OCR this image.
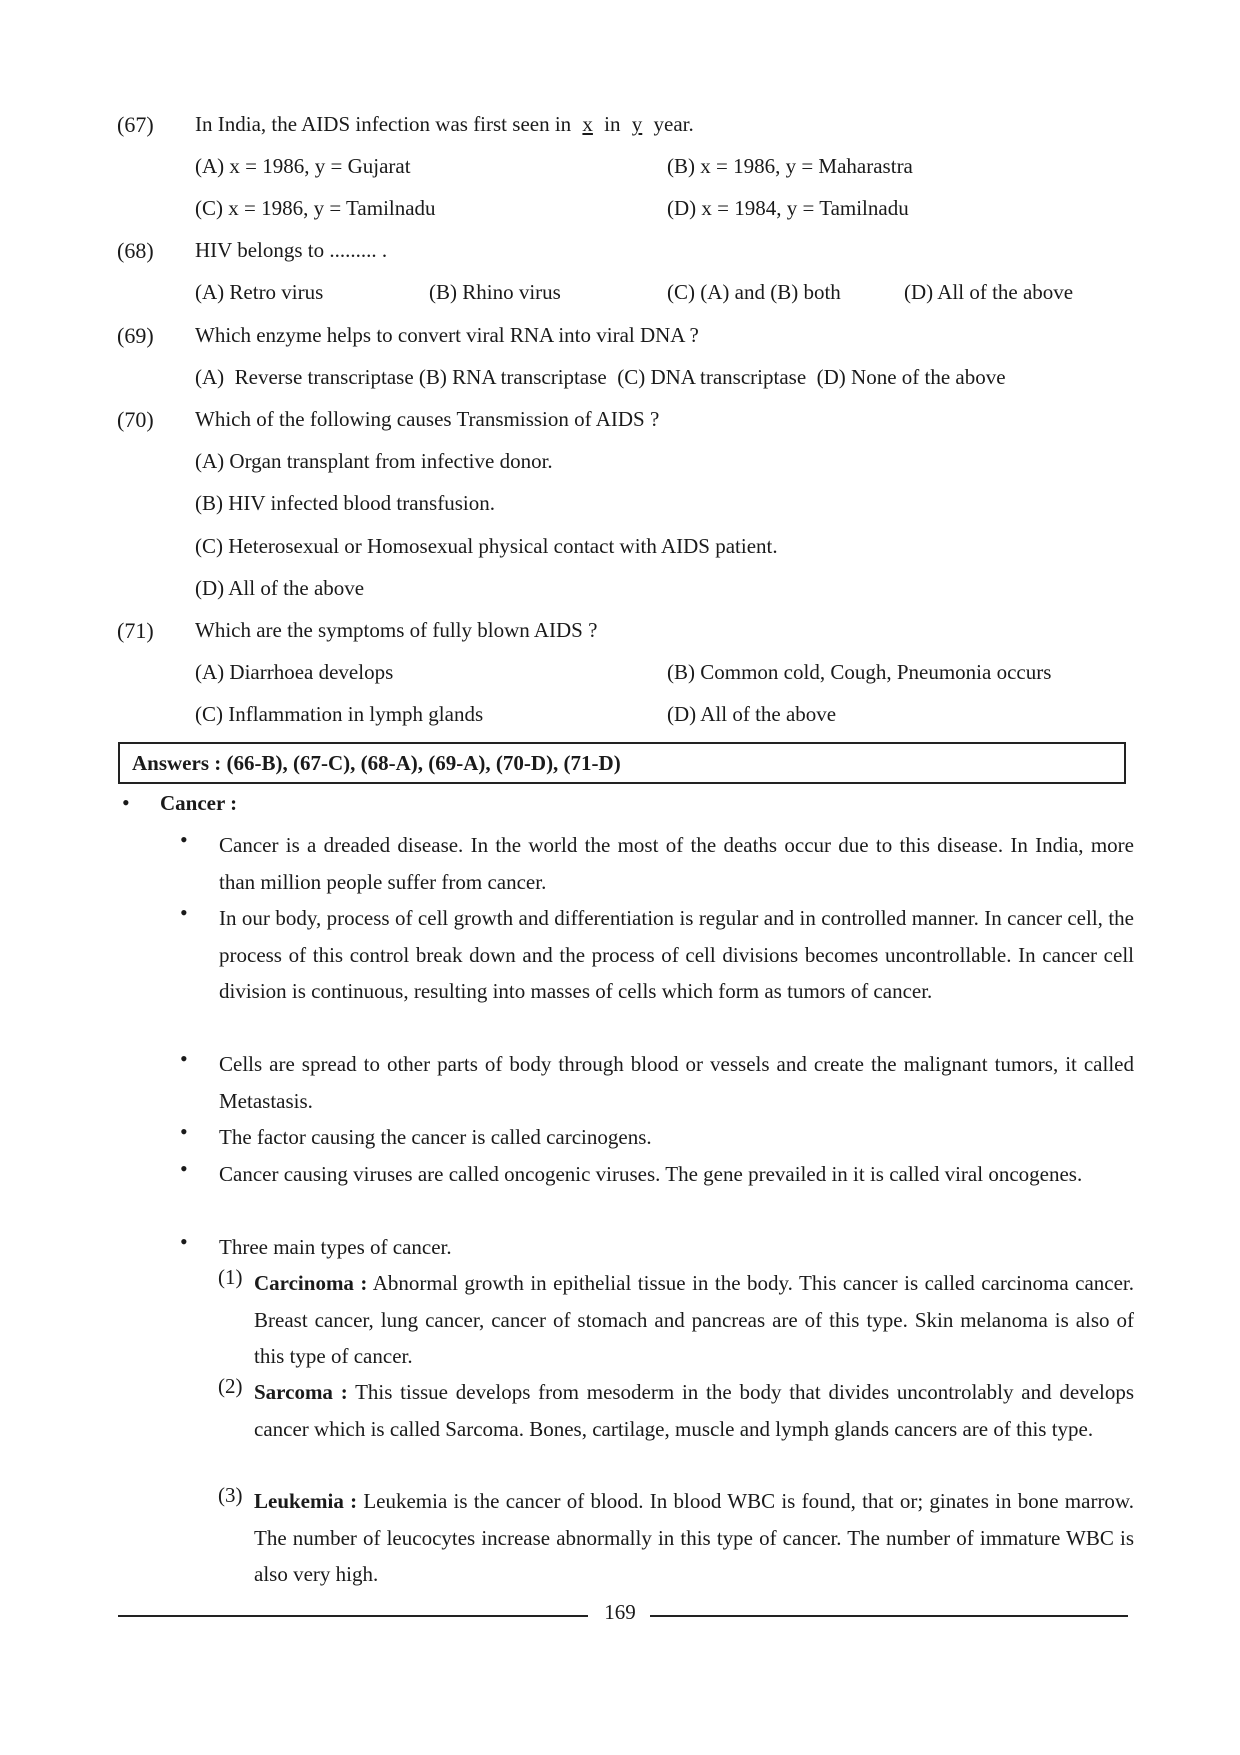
(67) In India, the AIDS infection was first seen in x in y year.
(A) x = 1986, y = Gujarat	(B) x = 1986, y = Maharastra
(C) x = 1986, y = Tamilnadu	(D) x = 1984, y = Tamilnadu
(68) HIV belongs to ......... .
(A) Retro virus	(B) Rhino virus	(C) (A) and (B) both	(D) All of the above
(69) Which enzyme helps to convert viral RNA into viral DNA ?
(A)  Reverse transcriptase (B) RNA transcriptase  (C) DNA transcriptase  (D) None of the above
(70) Which of the following causes Transmission of AIDS ?
(A) Organ transplant from infective donor.
(B) HIV infected blood transfusion.
(C) Heterosexual or Homosexual physical contact with AIDS patient.
(D) All of the above
(71) Which are the symptoms of fully blown AIDS ?
(A) Diarrhoea develops	(B) Common cold, Cough, Pneumonia occurs
(C) Inflammation in lymph glands	(D) All of the above
Answers : (66-B), (67-C), (68-A), (69-A), (70-D), (71-D)
• Cancer :
• Cancer is a dreaded disease. In the world the most of the deaths occur due to this disease. In India, more than million people suffer from cancer.
• In our body, process of cell growth and differentiation is regular and in controlled manner. In cancer cell, the process of this control break down and the process of cell divisions becomes uncontrollable. In cancer cell division is continuous, resulting into masses of cells which form as tumors of cancer.
• Cells are spread to other parts of body through blood or vessels and create the malignant tumors, it called Metastasis.
• The factor causing the cancer is called carcinogens.
• Cancer causing viruses are called oncogenic viruses. The gene prevailed in it is called viral oncogenes.
• Three main types of cancer.
(1) Carcinoma : Abnormal growth in epithelial tissue in the body. This cancer is called carcinoma cancer. Breast cancer, lung cancer, cancer of stomach and pancreas are of this type. Skin melanoma is also of this type of cancer.
(2) Sarcoma : This tissue develops from mesoderm in the body that divides uncontrolably and develops cancer which is called Sarcoma. Bones, cartilage, muscle and lymph glands cancers are of this type.
(3) Leukemia : Leukemia is the cancer of blood. In blood WBC is found, that or; ginates in bone marrow. The number of leucocytes increase abnormally in this type of cancer. The number of immature WBC is also very high.
169
